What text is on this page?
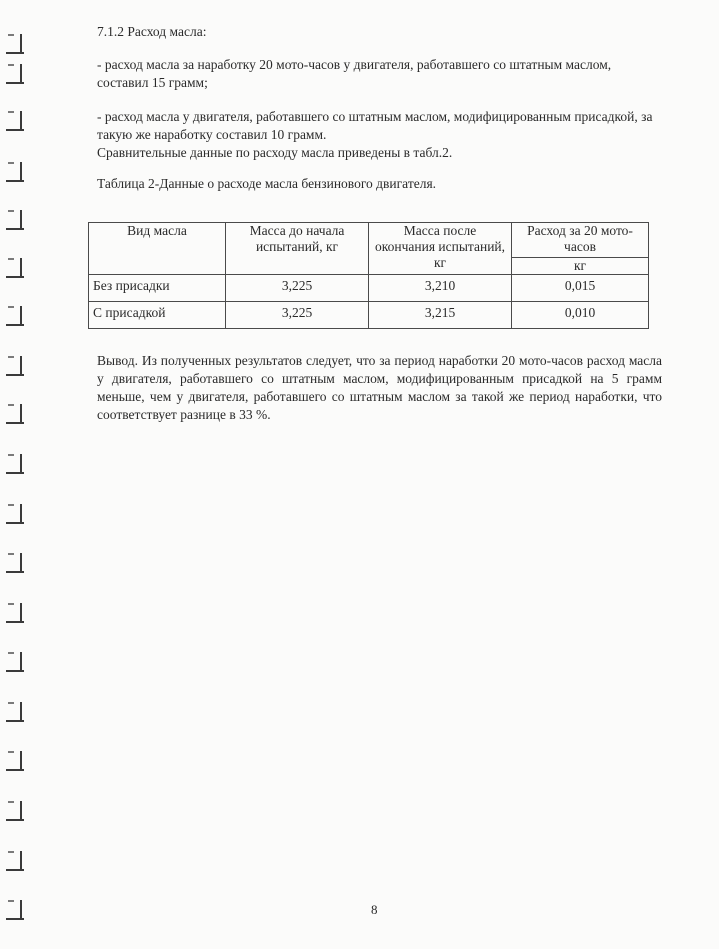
7.1.2 Расход масла:
- расход масла за наработку 20 мото-часов у двигателя, работавшего со штатным маслом, составил 15 грамм;
- расход масла у двигателя, работавшего со штатным маслом, модифицированным присадкой, за такую же наработку составил 10 грамм.
Сравнительные данные по расходу масла приведены в табл.2.
Таблица 2-Данные о расходе масла бензинового двигателя.
Вид масла	Масса до начала испытаний, кг	Масса после окончания испытаний, кг	Расход за 20 мото-часов
			кг
Без присадки	3,225	3,210	0,015
С присадкой	3,225	3,215	0,010
Вывод. Из полученных результатов следует, что за период наработки 20 мото-часов расход масла у двигателя, работавшего со штатным маслом, модифицированным присадкой на 5 грамм меньше, чем у двигателя, работавшего со штатным маслом за такой же период наработки, что соответствует разнице в 33 %.
8
